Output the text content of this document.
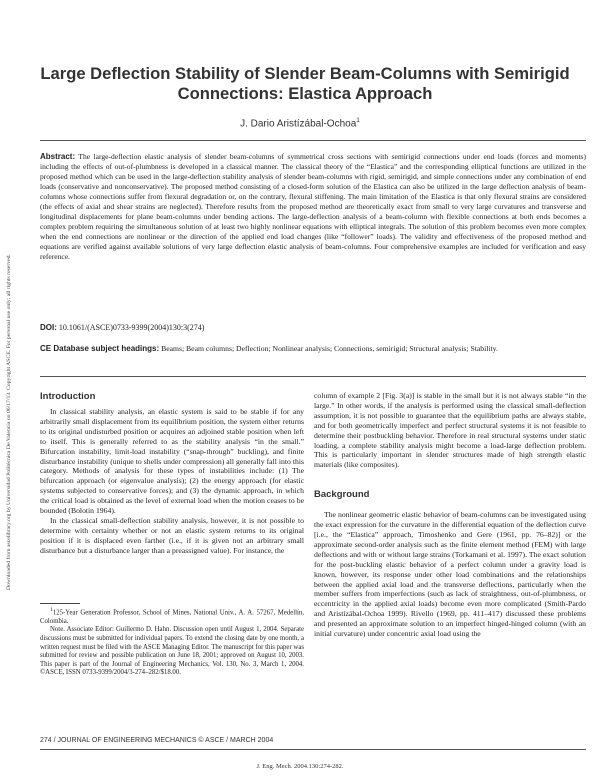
Large Deflection Stability of Slender Beam-Columns with Semirigid Connections: Elastica Approach
J. Dario Aristízábal-Ochoa$^1$
Abstract: The large-deflection elastic analysis of slender beam-columns of symmetrical cross sections with semirigid connections under end loads (forces and moments) including the effects of out-of-plumbness is developed in a classical manner. The classical theory of the “Elastica” and the corresponding elliptical functions are utilized in the proposed method which can be used in the large-deflection stability analysis of slender beam-columns with rigid, semirigid, and simple connections under any combination of end loads (conservative and nonconservative). The proposed method consisting of a closed-form solution of the Elastica can also be utilized in the large deflection analysis of beam-columns whose connections suffer from flexural degradation or, on the contrary, flexural stiffening. The main limitation of the Elastica is that only flexural strains are considered (the effects of axial and shear strains are neglected). Therefore results from the proposed method are theoretically exact from small to very large curvatures and transverse and longitudinal displacements for plane beam-columns under bending actions. The large-deflection analysis of a beam-column with flexible connections at both ends becomes a complex problem requiring the simultaneous solution of at least two highly nonlinear equations with elliptical integrals. The solution of this problem becomes even more complex when the end connections are nonlinear or the direction of the applied end load changes (like “follower” loads). The validity and effectiveness of the proposed method and equations are verified against available solutions of very large deflection elastic analysis of beam-columns. Four comprehensive examples are included for verification and easy reference.
DOI: 10.1061/(ASCE)0733-9399(2004)130:3(274)
CE Database subject headings: Beams; Beam columns; Deflection; Nonlinear analysis; Connections, semirigid; Structural analysis; Stability.
Introduction

In classical stability analysis, an elastic system is said to be stable if for any arbitrarily small displacement from its equilibrium position, the system either returns to its original undisturbed position or acquires an adjoined stable position when left to itself. This is generally referred to as the stability analysis “in the small.” Bifurcation instability, limit-load instability (“snap-through” buckling), and finite disturbance instability (unique to shells under compression) all generally fall into this category. Methods of analysis for these types of instabilities include: (1) The bifurcation approach (or eigenvalue analysis); (2) the energy approach (for elastic systems subjected to conservative forces); and (3) the dynamic approach, in which the critical load is obtained as the level of external load when the motion ceases to be bounded (Bolotin 1964).

In the classical small-deflection stability analysis, however, it is not possible to determine with certainty whether or not an elastic system returns to its original position if it is displaced even farther (i.e., if it is given not an arbitrary small disturbance but a disturbance larger than a preassigned value). For instance, the

$^1$125-Year Generation Professor, School of Mines, National Univ., A. A. 57267, Medellín, Colombia.

Note. Associate Editor: Guillermo D. Hahn. Discussion open until August 1, 2004. Separate discussions must be submitted for individual papers. To extend the closing date by one month, a written request must be filed with the ASCE Managing Editor. The manuscript for this paper was submitted for review and possible publication on June 18, 2001; approved on August 10, 2003. This paper is part of the Journal of Engineering Mechanics, Vol. 130, No. 3, March 1, 2004. ©ASCE, ISSN 0733-9399/2004/3-274–282/$18.00.

column of example 2 [Fig. 3(a)] is stable in the small but it is not always stable “in the large.” In other words, if the analysis is performed using the classical small-deflection assumption, it is not possible to guarantee that the equilibrium paths are always stable, and for both geometrically imperfect and perfect structural systems it is not feasible to determine their postbuckling behavior. Therefore in real structural systems under static loading, a complete stability analysis might become a load-large deflection problem. This is particularly important in slender structures made of high strength elastic materials (like composites).

Background

The nonlinear geometric elastic behavior of beam-columns can be investigated using the exact expression for the curvature in the differential equation of the deflection curve [i.e., the “Elastica” approach, Timoshenko and Gere (1961, pp. 76–82)] or the approximate second-order analysis such as the finite element method (FEM) with large deflections and with or without large strains (Torkamani et al. 1997). The exact solution for the post-buckling elastic behavior of a perfect column under a gravity load is known, however, its response under other load combinations and the relationships between the applied axial load and the transverse deflections, particularly when the member suffers from imperfections (such as lack of straightness, out-of-plumbness, or eccentricity in the applied axial loads) become even more complicated (Smith-Pardo and Aristízábal-Ochoa 1999). Rivello (1969, pp. 411–417) discussed these problems and presented an approximate solution to an imperfect hinged-hinged column (with an initial curvature) under concentric axial load using the

274 / JOURNAL OF ENGINEERING MECHANICS © ASCE / MARCH 2004
J. Eng. Mech. 2004.130:274-282.
Downloaded from ascelibrary.org by Universidad Politécnica De Valencia on 06/17/13. Copyright ASCE. For personal use only; all rights reserved.
